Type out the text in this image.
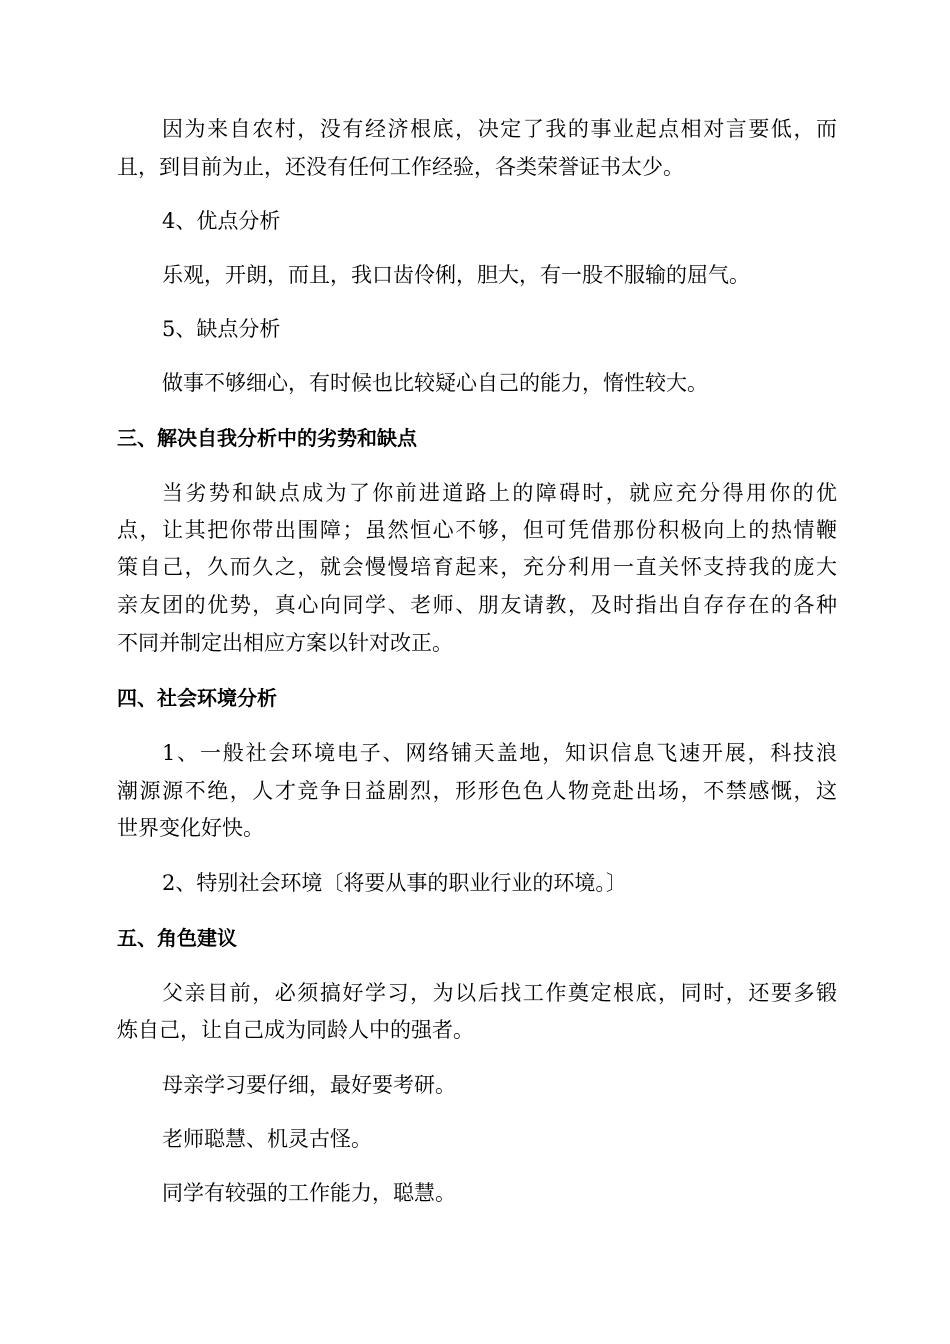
因为来自农村，没有经济根底，决定了我的事业起点相对言要低，而
且，到目前为止，还没有任何工作经验，各类荣誉证书太少。
4、优点分析
乐观，开朗，而且，我口齿伶俐，胆大，有一股不服输的屈气。
5、缺点分析
做事不够细心，有时候也比较疑心自己的能力，惰性较大。
三、解决自我分析中的劣势和缺点
当劣势和缺点成为了你前进道路上的障碍时，就应充分得用你的优
点，让其把你带出围障；虽然恒心不够，但可凭借那份积极向上的热情鞭
策自己，久而久之，就会慢慢培育起来，充分利用一直关怀支持我的庞大
亲友团的优势，真心向同学、老师、朋友请教，及时指出自存存在的各种
不同并制定出相应方案以针对改正。
四、社会环境分析
1、一般社会环境电子、网络铺天盖地，知识信息飞速开展，科技浪
潮源源不绝，人才竞争日益剧烈，形形色色人物竞赴出场，不禁感慨，这
世界变化好快。
2、特别社会环境〔将要从事的职业行业的环境。〕
五、角色建议
父亲目前，必须搞好学习，为以后找工作奠定根底，同时，还要多锻
炼自己，让自己成为同龄人中的强者。
母亲学习要仔细，最好要考研。
老师聪慧、机灵古怪。
同学有较强的工作能力，聪慧。
